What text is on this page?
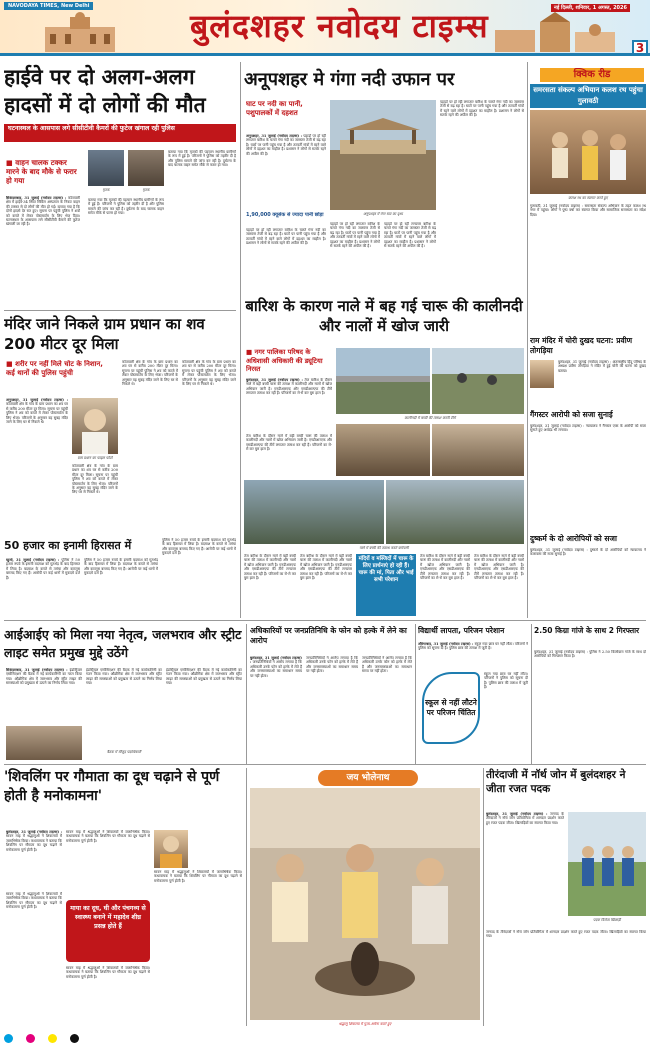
NAVODAYA TIMES, New Delhi
बुलंदशहर नवोदय टाइम्स	नई दिल्ली, शनिवार, 1 अगस्त, 2026
3
हाईवे पर दो अलग-अलग हादसों में दो लोगों की मौत
घटनास्थल के आसपास लगे सीसीटीवी कैमरों की फुटेज खंगाल रही पुलिस
■ वाहन चालक टक्कर मारने के बाद मौके से फरार हो गया

सिकंदराबाद, 31 जुलाई (नवोदय टाइम्स) : कोतवाली क्षेत्र में हाईवे-34 स्थित सिविल अस्पताल के निकट वाहन की टक्कर से दो लोगों की मौत हो गई। बताया गया है कि दोनों हादसे देर रात हुए। सूचना पर पहुंची पुलिस ने शवों को कब्जे में लेकर पोस्टमार्टम के लिए भेज दिया। घटनास्थल के आसपास लगे सीसीटीवी कैमरों की फुटेज खंगाली जा रही है।

मृतक	मृतक
बताया गया कि मृतकों की पहचान स्थानीय ग्रामीणों के रूप में हुई है। परिजनों ने पुलिस को तहरीर दी है और पुलिस मामले की जांच कर रही है। दुर्घटना के बाद चालक वाहन समेत मौके से फरार हो गया।
बताया गया कि मृतकों की पहचान स्थानीय ग्रामीणों के रूप में हुई है। परिजनों ने पुलिस को तहरीर दी है और पुलिस मामले की जांच कर रही है। दुर्घटना के बाद चालक वाहन समेत मौके से फरार हो गया।
अनूपशहर मे गंगा नदी उफान पर
घाट पर नदी का पानी, पशुपालकों में दहशत

अनूपशहर, 31 जुलाई (नवोदय टाइम्स) : पहाड़ों पर हो रही लगातार बारिश के चलते गंगा नदी का जलस्तर तेजी से बढ़ रहा है। घाटों पर पानी पहुंच गया है और तटवर्ती गांवों में रहने वाले लोगों में दहशत का माहौल है। प्रशासन ने लोगों से सतर्क रहने की अपील की है।

1,90,000 क्यूसेक से ज्यादा पानी छोड़ा
पहाड़ों पर हो रही लगातार बारिश के चलते गंगा नदी का जलस्तर तेजी से बढ़ रहा है। घाटों पर पानी पहुंच गया है और तटवर्ती गांवों में रहने वाले लोगों में दहशत का माहौल है। प्रशासन ने लोगों से सतर्क रहने की अपील की है।
अनूपशहर में गंगा घाट का दृश्य
पहाड़ों पर हो रही लगातार बारिश के चलते गंगा नदी का जलस्तर तेजी से बढ़ रहा है। घाटों पर पानी पहुंच गया है और तटवर्ती गांवों में रहने वाले लोगों में दहशत का माहौल है। प्रशासन ने लोगों से सतर्क रहने की अपील की है।
पहाड़ों पर हो रही लगातार बारिश के चलते गंगा नदी का जलस्तर तेजी से बढ़ रहा है। घाटों पर पानी पहुंच गया है और तटवर्ती गांवों में रहने वाले लोगों में दहशत का माहौल है। प्रशासन ने लोगों से सतर्क रहने की अपील की है।
पहाड़ों पर हो रही लगातार बारिश के चलते गंगा नदी का जलस्तर तेजी से बढ़ रहा है। घाटों पर पानी पहुंच गया है और तटवर्ती गांवों में रहने वाले लोगों में दहशत का माहौल है। प्रशासन ने लोगों से सतर्क रहने की अपील की है।
क्विक रीड
समरसता संकल्प अभियान कलश रथ पहुंचा गुलावठी
कलश रथ का स्वागत करते हुए
गुलावठी, 31 जुलाई (नवोदय टाइम्स) : समरसता संकल्प अभियान के तहत कलश रथ नगर में पहुंचा। लोगों ने पुष्प वर्षा कर स्वागत किया और सामाजिक समरसता का संदेश दिया।
राम मंदिर में चोरी दुखद घटना: प्रवीण तोगड़िया
बुलंदशहर, 31 जुलाई (नवोदय टाइम्स) : अंतरराष्ट्रीय हिंदू परिषद के अध्यक्ष प्रवीण तोगड़िया ने मंदिर में हुई चोरी की घटना को दुखद बताया।
गैंगस्टर आरोपी को सजा सुनाई
बुलंदशहर, 31 जुलाई (नवोदय टाइम्स) : न्यायालय ने गैंगस्टर एक्ट के आरोपी को सजा सुनाते हुए अर्थदंड भी लगाया।
दुष्कर्म के दो आरोपियों को सजा
बुलंदशहर, 31 जुलाई (नवोदय टाइम्स) : दुष्कर्म के दो आरोपियों को न्यायालय ने कारावास की सजा सुनाई है।
मंदिर जाने निकले ग्राम प्रधान का शव 200 मीटर दूर मिला
■ शरीर पर नहीं मिले चोट के निशान, कई थानों की पुलिस पहुंची

अनूपशहर, 31 जुलाई (नवोदय टाइम्स) : कोतवाली क्षेत्र के गांव के ग्राम प्रधान का शव घर से करीब 200 मीटर दूर मिला। सूचना पर पहुंची पुलिस ने शव को कब्जे में लेकर पोस्टमार्टम के लिए भेजा। परिजनों के अनुसार वह सुबह मंदिर जाने के लिए घर से निकले थे।

ग्राम प्रधान का फाइल फोटो
कोतवाली क्षेत्र के गांव के ग्राम प्रधान का शव घर से करीब 200 मीटर दूर मिला। सूचना पर पहुंची पुलिस ने शव को कब्जे में लेकर पोस्टमार्टम के लिए भेजा। परिजनों के अनुसार वह सुबह मंदिर जाने के लिए घर से निकले थे।
कोतवाली क्षेत्र के गांव के ग्राम प्रधान का शव घर से करीब 200 मीटर दूर मिला। सूचना पर पहुंची पुलिस ने शव को कब्जे में लेकर पोस्टमार्टम के लिए भेजा। परिजनों के अनुसार वह सुबह मंदिर जाने के लिए घर से निकले थे।
कोतवाली क्षेत्र के गांव के ग्राम प्रधान का शव घर से करीब 200 मीटर दूर मिला। सूचना पर पहुंची पुलिस ने शव को कब्जे में लेकर पोस्टमार्टम के लिए भेजा। परिजनों के अनुसार वह सुबह मंदिर जाने के लिए घर से निकले थे।
बारिश के कारण नाले में बह गई चारू की कालीनदी और नालों में खोज जारी
■ नगर पालिका परिषद के अधिशासी अधिकारी की ड्यूटिया निरस्त

बुलंदशहर, 31 जुलाई (नवोदय टाइम्स) : तेज बारिश के दौरान नाले में बही बच्ची चारू की तलाश में कालीनदी और नालों में खोज अभियान जारी है। एनडीआरएफ और एसडीआरएफ की टीमें लगातार तलाश कर रही हैं। परिजनों का रो-रो कर बुरा हाल है।

तेज बारिश के दौरान नाले में बही बच्ची चारू की तलाश में कालीनदी और नालों में खोज अभियान जारी है। एनडीआरएफ और एसडीआरएफ की टीमें लगातार तलाश कर रही हैं। परिजनों का रो-रो कर बुरा हाल है।
कालीनदी में बच्ची की तलाश करती टीमें
नाले में बच्ची की तलाश करते कर्मचारी
तेज बारिश के दौरान नाले में बही बच्ची चारू की तलाश में कालीनदी और नालों में खोज अभियान जारी है। एनडीआरएफ और एसडीआरएफ की टीमें लगातार तलाश कर रही हैं। परिजनों का रो-रो कर बुरा हाल है।
तेज बारिश के दौरान नाले में बही बच्ची चारू की तलाश में कालीनदी और नालों में खोज अभियान जारी है। एनडीआरएफ और एसडीआरएफ की टीमें लगातार तलाश कर रही हैं। परिजनों का रो-रो कर बुरा हाल है।
मंदिरों व मस्जिदों में चारू के लिए प्रार्थनाएं हो रही हैं। चारू की मां, पिता और भाई सभी परेशान
तेज बारिश के दौरान नाले में बही बच्ची चारू की तलाश में कालीनदी और नालों में खोज अभियान जारी है। एनडीआरएफ और एसडीआरएफ की टीमें लगातार तलाश कर रही हैं। परिजनों का रो-रो कर बुरा हाल है।
तेज बारिश के दौरान नाले में बही बच्ची चारू की तलाश में कालीनदी और नालों में खोज अभियान जारी है। एनडीआरएफ और एसडीआरएफ की टीमें लगातार तलाश कर रही हैं। परिजनों का रो-रो कर बुरा हाल है।
50 हजार का इनामी हिरासत में

खुर्जा, 31 जुलाई (नवोदय टाइम्स) : पुलिस ने 50 हजार रुपये के इनामी बदमाश को मुठभेड़ के बाद हिरासत में लिया है। बदमाश के कब्जे से तमंचा और कारतूस बरामद किए गए हैं। आरोपी पर कई थानों में मुकदमे दर्ज हैं।

पुलिस ने 50 हजार रुपये के इनामी बदमाश को मुठभेड़ के बाद हिरासत में लिया है। बदमाश के कब्जे से तमंचा और कारतूस बरामद किए गए हैं। आरोपी पर कई थानों में मुकदमे दर्ज हैं।
पुलिस ने 50 हजार रुपये के इनामी बदमाश को मुठभेड़ के बाद हिरासत में लिया है। बदमाश के कब्जे से तमंचा और कारतूस बरामद किए गए हैं। आरोपी पर कई थानों में मुकदमे दर्ज हैं।
आईआईए को मिला नया नेतृत्व, जलभराव और स्ट्रीट लाइट समेत प्रमुख मुद्दे उठेंगे

सिकंदराबाद, 31 जुलाई (नवोदय टाइम्स) : इंडस्ट्रियल एसोसिएशन की बैठक में नई कार्यकारिणी का गठन किया गया। औद्योगिक क्षेत्र में जलभराव और स्ट्रीट लाइट की समस्याओं को प्रमुखता से उठाने का निर्णय लिया गया।

बैठक में मौजूद पदाधिकारी
इंडस्ट्रियल एसोसिएशन की बैठक में नई कार्यकारिणी का गठन किया गया। औद्योगिक क्षेत्र में जलभराव और स्ट्रीट लाइट की समस्याओं को प्रमुखता से उठाने का निर्णय लिया गया।
इंडस्ट्रियल एसोसिएशन की बैठक में नई कार्यकारिणी का गठन किया गया। औद्योगिक क्षेत्र में जलभराव और स्ट्रीट लाइट की समस्याओं को प्रमुखता से उठाने का निर्णय लिया गया।
अधिकारियों पर जनप्रतिनिधि के फोन को हल्के में लेने का आरोप

बुलंदशहर, 31 जुलाई (नवोदय टाइम्स) : जनप्रतिनिधियों ने आरोप लगाया है कि अधिकारी उनके फोन को हल्के में लेते हैं और जनसमस्याओं का समाधान समय पर नहीं होता।

जनप्रतिनिधियों ने आरोप लगाया है कि अधिकारी उनके फोन को हल्के में लेते हैं और जनसमस्याओं का समाधान समय पर नहीं होता।
जनप्रतिनिधियों ने आरोप लगाया है कि अधिकारी उनके फोन को हल्के में लेते हैं और जनसमस्याओं का समाधान समय पर नहीं होता।
विद्यार्थी लापता, परिजन परेशान

औरंगाबाद, 31 जुलाई (नवोदय टाइम्स) : स्कूल गया छात्र घर नहीं लौटा। परिजनों ने पुलिस को सूचना दी है। पुलिस छात्र की तलाश में जुटी है।

स्कूल से नहीं लौटने पर परिजन चिंतित
स्कूल गया छात्र घर नहीं लौटा। परिजनों ने पुलिस को सूचना दी है। पुलिस छात्र की तलाश में जुटी है।
2.50 किग्रा गांजे के साथ 2 गिरफ्तार
बुलंदशहर, 31 जुलाई (नवोदय टाइम्स) : पुलिस ने 2.50 किलोग्राम गांजे के साथ दो आरोपियों को गिरफ्तार किया है।
'शिवलिंग पर गौमाता का दूध चढ़ाने से पूर्ण होती है मनोकामना'

बुलंदशहर, 31 जुलाई (नवोदय टाइम्स) : सावन माह में श्रद्धालुओं ने शिवालयों में जलाभिषेक किया। कथावाचक ने बताया कि शिवलिंग पर गौमाता का दूध चढ़ाने से मनोकामना पूर्ण होती है।

माया का दूध, घी और पंचगव्य से स्वास्थ्य बनाने में महादेव शीघ्र प्रसन्न होते हैं
सावन माह में श्रद्धालुओं ने शिवालयों में जलाभिषेक किया। कथावाचक ने बताया कि शिवलिंग पर गौमाता का दूध चढ़ाने से मनोकामना पूर्ण होती है।
सावन माह में श्रद्धालुओं ने शिवालयों में जलाभिषेक किया। कथावाचक ने बताया कि शिवलिंग पर गौमाता का दूध चढ़ाने से मनोकामना पूर्ण होती है।
सावन माह में श्रद्धालुओं ने शिवालयों में जलाभिषेक किया। कथावाचक ने बताया कि शिवलिंग पर गौमाता का दूध चढ़ाने से मनोकामना पूर्ण होती है।
सावन माह में श्रद्धालुओं ने शिवालयों में जलाभिषेक किया। कथावाचक ने बताया कि शिवलिंग पर गौमाता का दूध चढ़ाने से मनोकामना पूर्ण होती है।
जय भोलेनाथ
श्रद्धालु शिवालय में पूजा-अर्चना करते हुए
तीरंदाजी में नॉर्थ जोन में बुलंदशहर ने जीता रजत पदक

बुलंदशहर, 31 जुलाई (नवोदय टाइम्स) : जनपद के तीरंदाजों ने नॉर्थ जोन प्रतियोगिता में शानदार प्रदर्शन करते हुए रजत पदक जीता। खिलाड़ियों का स्वागत किया गया।

पदक विजेता खिलाड़ी
जनपद के तीरंदाजों ने नॉर्थ जोन प्रतियोगिता में शानदार प्रदर्शन करते हुए रजत पदक जीता। खिलाड़ियों का स्वागत किया गया।
